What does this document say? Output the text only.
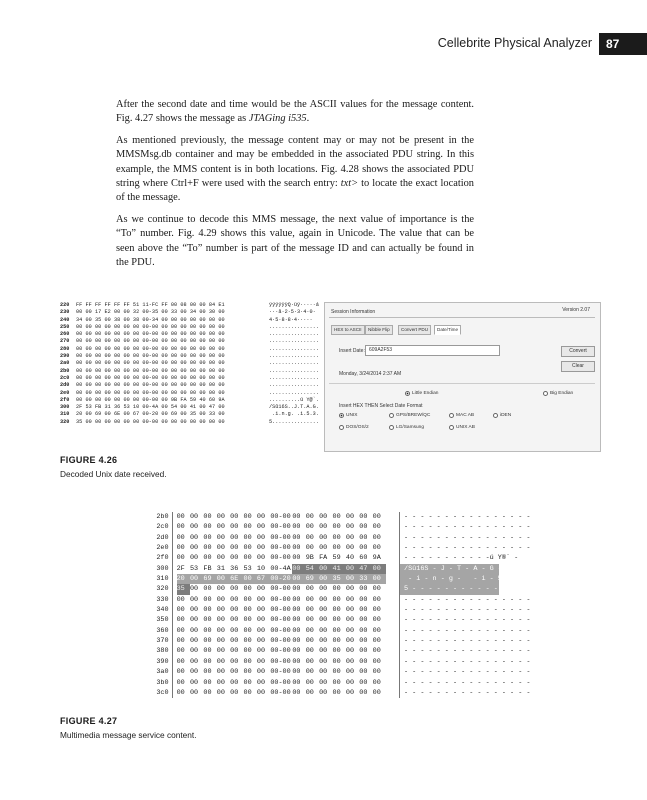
Cellebrite Physical Analyzer	87

After the second date and time would be the ASCII values for the message content. Fig. 4.27 shows the message as JTAGing i535.

As mentioned previously, the message content may or may not be present in the MMSMsg.db container and may be embedded in the associated PDU string. In this example, the MMS content is in both locations. Fig. 4.28 shows the associated PDU string where Ctrl+F were used with the search entry: txt> to locate the exact location of the message.

As we continue to decode this MMS message, the next value of importance is the “To” number. Fig. 4.29 shows this value, again in Unicode. The value that can be seen above the “To” number is part of the message ID and can actually be found in the PDU.

220	FF FF FF FF FF FF 51 11-FC FF 00 08 00 00 84 E1	ÿÿÿÿÿÿQ·üÿ·····á
230	00 00 17 E2 00 00 32 00-35 00 33 00 34 00 30 00	···â·2·5·3·4·0·
240	34 00 35 00 38 00 38 00-34 00 00 00 00 00 00 00	4·5·8·8·4·····
250	00 00 00 00 00 00 00 00-00 00 00 00 00 00 00 00	................
260	00 00 00 00 00 00 00 00-00 00 00 00 00 00 00 00	................
270	00 00 00 00 00 00 00 00-00 00 00 00 00 00 00 00	................
280	00 00 00 00 00 00 00 00-00 00 00 00 00 00 00 00	................
290	00 00 00 00 00 00 00 00-00 00 00 00 00 00 00 00	................
2a0	00 00 00 00 00 00 00 00-00 00 00 00 00 00 00 00	................
2b0	00 00 00 00 00 00 00 00-00 00 00 00 00 00 00 00	................
2c0	00 00 00 00 00 00 00 00-00 00 00 00 00 00 00 00	................
2d0	00 00 00 00 00 00 00 00-00 00 00 00 00 00 00 00	................
2e0	00 00 00 00 00 00 00 00-00 00 00 00 00 00 00 00	................
2f0	00 00 00 00 00 00 00 00-00 00 9B FA 59 40 60 9A	..........ú Y@`.
300	2F 53 FB 31 36 53 10 00-4A 00 54 00 41 00 47 00	/Sû16S..J.T.A.G.
310	20 00 69 00 6E 00 67 00-20 00 69 00 35 00 33 00	.i.n.g. .i.5.3.
320	35 00 00 00 00 00 00 00-00 00 00 00 00 00 00 00	5...............
Session Information	Version 2.07
HEX to ASCII	Nibble Flip	Convert PDU	Date/Time
Insert Date: 609A2F53	Convert
Clear
Monday, 3/24/2014 2:37 AM
Little Endian	Big Endian
Insert HEX THEN Select Date Format
UNIX	GPS/BREW/QC	MAC AB	iDEN
DOS/OS/2	LG/Samsung	UNIX AB
FIGURE 4.26
Decoded Unix date received.
2b0	00 00 00 00 00 00 00 00-00 00 00 00 00 00 00 00	- - - - - - - - - - - - - - - -
2c0	00 00 00 00 00 00 00 00-00 00 00 00 00 00 00 00	- - - - - - - - - - - - - - - -
2d0	00 00 00 00 00 00 00 00-00 00 00 00 00 00 00 00	- - - - - - - - - - - - - - - -
2e0	00 00 00 00 00 00 00 00-00 00 00 00 00 00 00 00	- - - - - - - - - - - - - - - -
2f0	00 00 00 00 00 00 00 00-00 00 9B FA 59 40 60 9A	- - - - - - - - - - -ú Y®` -
300	2F 53 FB 31 36 53 10 00-4A 00 54 00 41 00 47 00	/Sû16S - J - T - A - G -
310	20 00 69 00 6E 00 67 00-20 00 69 00 35 00 33 00	- i - n - g -   - i - 5 - 3 -
320	35 00 00 00 00 00 00 00-00 00 00 00 00 00 00 00	5 - - - - - - - - - - - - - - -
330	00 00 00 00 00 00 00 00-00 00 00 00 00 00 00 00	- - - - - - - - - - - - - - - -
340	00 00 00 00 00 00 00 00-00 00 00 00 00 00 00 00	- - - - - - - - - - - - - - - -
350	00 00 00 00 00 00 00 00-00 00 00 00 00 00 00 00	- - - - - - - - - - - - - - - -
360	00 00 00 00 00 00 00 00-00 00 00 00 00 00 00 00	- - - - - - - - - - - - - - - -
370	00 00 00 00 00 00 00 00-00 00 00 00 00 00 00 00	- - - - - - - - - - - - - - - -
380	00 00 00 00 00 00 00 00-00 00 00 00 00 00 00 00	- - - - - - - - - - - - - - - -
390	00 00 00 00 00 00 00 00-00 00 00 00 00 00 00 00	- - - - - - - - - - - - - - - -
3a0	00 00 00 00 00 00 00 00-00 00 00 00 00 00 00 00	- - - - - - - - - - - - - - - -
3b0	00 00 00 00 00 00 00 00-00 00 00 00 00 00 00 00	- - - - - - - - - - - - - - - -
3c0	00 00 00 00 00 00 00 00-00 00 00 00 00 00 00 00	- - - - - - - - - - - - - - - -
FIGURE 4.27
Multimedia message service content.
